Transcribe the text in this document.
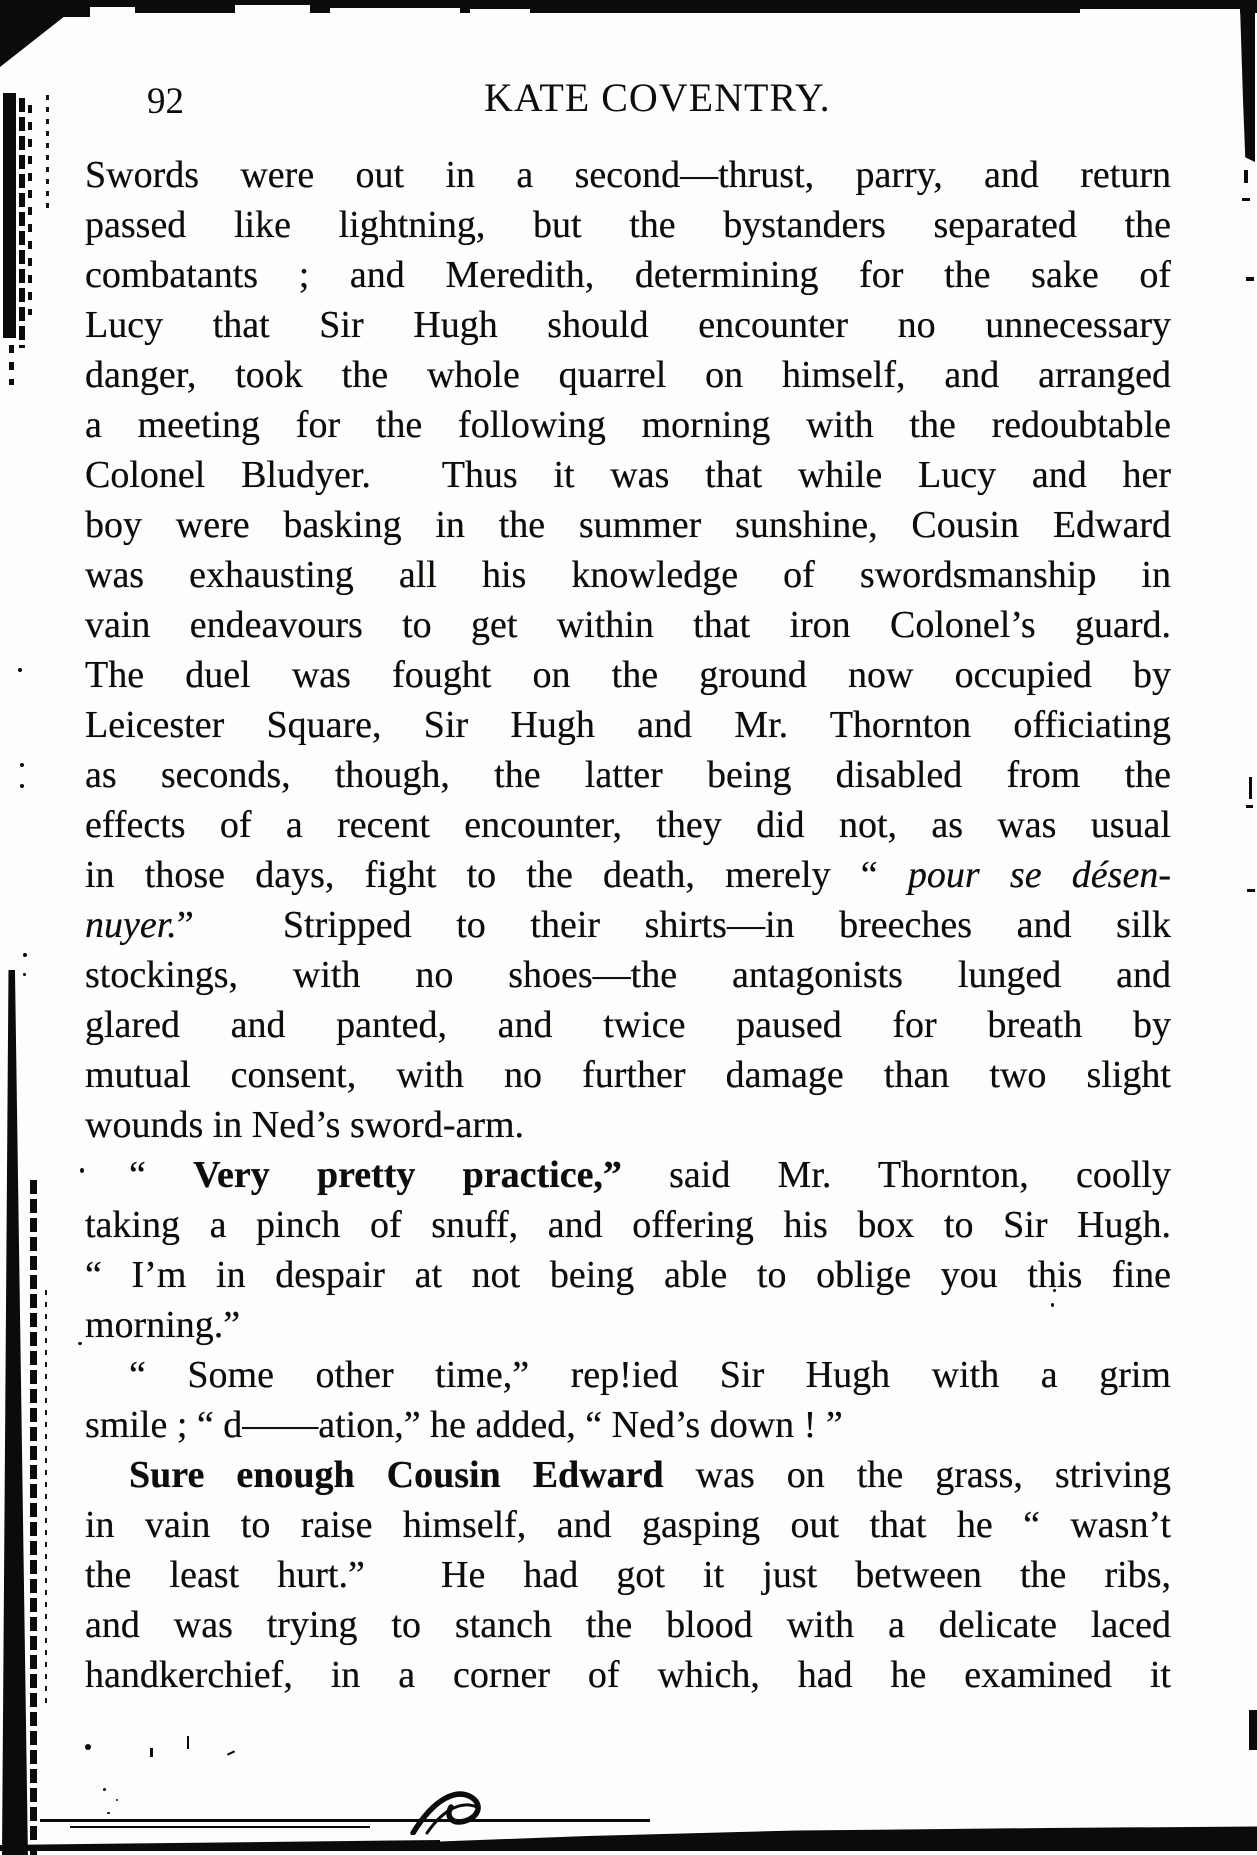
92	KATE COVENTRY.
Swords were out in a second—thrust, parry, and return
passed like lightning, but the bystanders separated the
combatants ; and Meredith, determining for the sake of
Lucy that Sir Hugh should encounter no unnecessary
danger, took the whole quarrel on himself, and arranged
a meeting for the following morning with the redoubtable
Colonel Bludyer.  Thus it was that while Lucy and her
boy were basking in the summer sunshine, Cousin Edward
was exhausting all his knowledge of swordsmanship in
vain endeavours to get within that iron Colonel’s guard.
The duel was fought on the ground now occupied by
Leicester Square, Sir Hugh and Mr. Thornton officiating
as seconds, though, the latter being disabled from the
effects of a recent encounter, they did not, as was usual
in those days, fight to the death, merely “ pour se désen-
nuyer.”  Stripped to their shirts—in breeches and silk
stockings, with no shoes—the antagonists lunged and
glared and panted, and twice paused for breath by
mutual consent, with no further damage than two slight
wounds in Ned’s sword-arm.
“ Very pretty practice,” said Mr. Thornton, coolly
taking a pinch of snuff, and offering his box to Sir Hugh.
“ I’m in despair at not being able to oblige you this fine
morning.”
“ Some other time,” rep!ied Sir Hugh with a grim
smile ; “ d——ation,” he added, “ Ned’s down ! ”
Sure enough Cousin Edward was on the grass, striving
in vain to raise himself, and gasping out that he “ wasn’t
the least hurt.”  He had got it just between the ribs,
and was trying to stanch the blood with a delicate laced
handkerchief, in a corner of which, had he examined it
